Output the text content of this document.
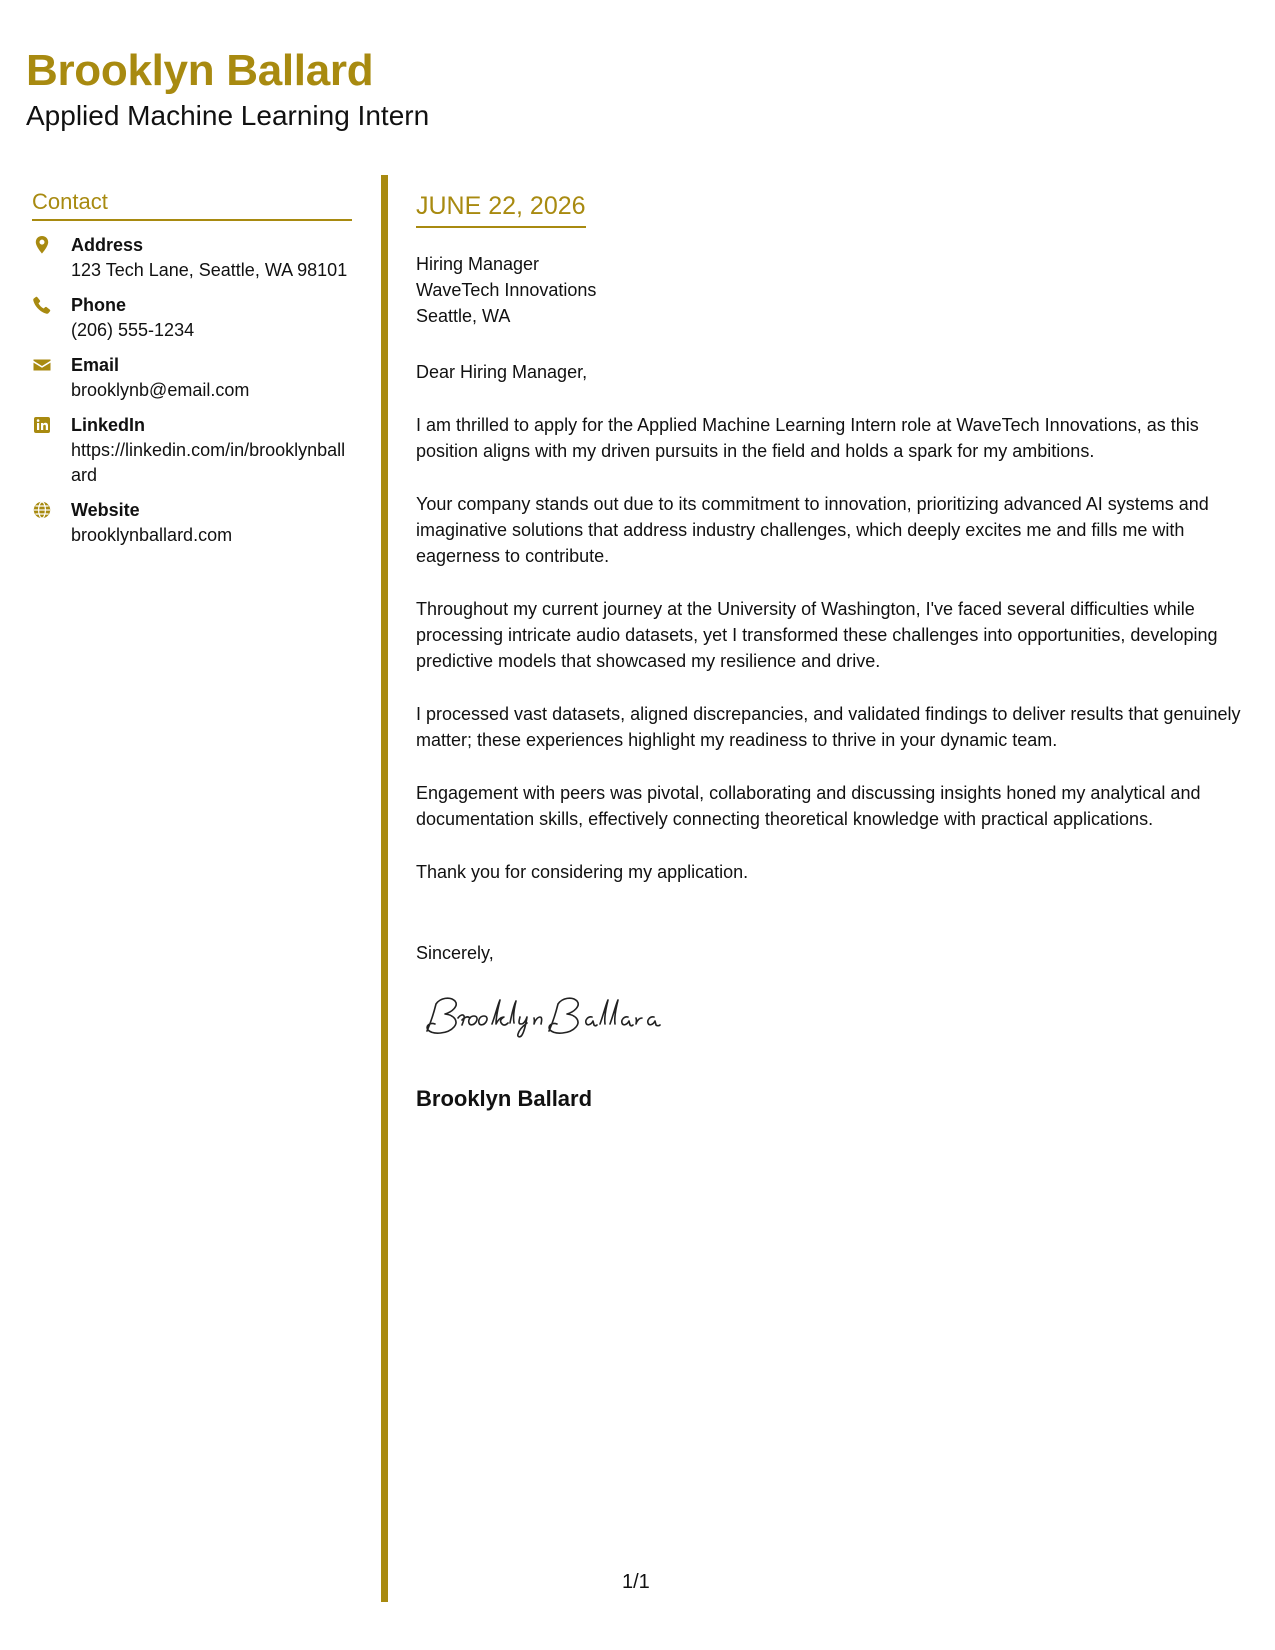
Brooklyn Ballard
Applied Machine Learning Intern
Contact
Address
123 Tech Lane, Seattle, WA 98101
Phone
(206) 555-1234
Email
brooklynb@email.com
LinkedIn
https://linkedin.com/in/brooklynballard
Website
brooklynballard.com
JUNE 22, 2026
Hiring Manager
WaveTech Innovations
Seattle, WA

Dear Hiring Manager,

I am thrilled to apply for the Applied Machine Learning Intern role at WaveTech Innovations, as this position aligns with my driven pursuits in the field and holds a spark for my ambitions.

Your company stands out due to its commitment to innovation, prioritizing advanced AI systems and imaginative solutions that address industry challenges, which deeply excites me and fills me with eagerness to contribute.

Throughout my current journey at the University of Washington, I've faced several difficulties while processing intricate audio datasets, yet I transformed these challenges into opportunities, developing predictive models that showcased my resilience and drive.

I processed vast datasets, aligned discrepancies, and validated findings to deliver results that genuinely matter; these experiences highlight my readiness to thrive in your dynamic team.

Engagement with peers was pivotal, collaborating and discussing insights honed my analytical and documentation skills, effectively connecting theoretical knowledge with practical applications.

Thank you for considering my application.

Sincerely,
Brooklyn Ballard
1/1
